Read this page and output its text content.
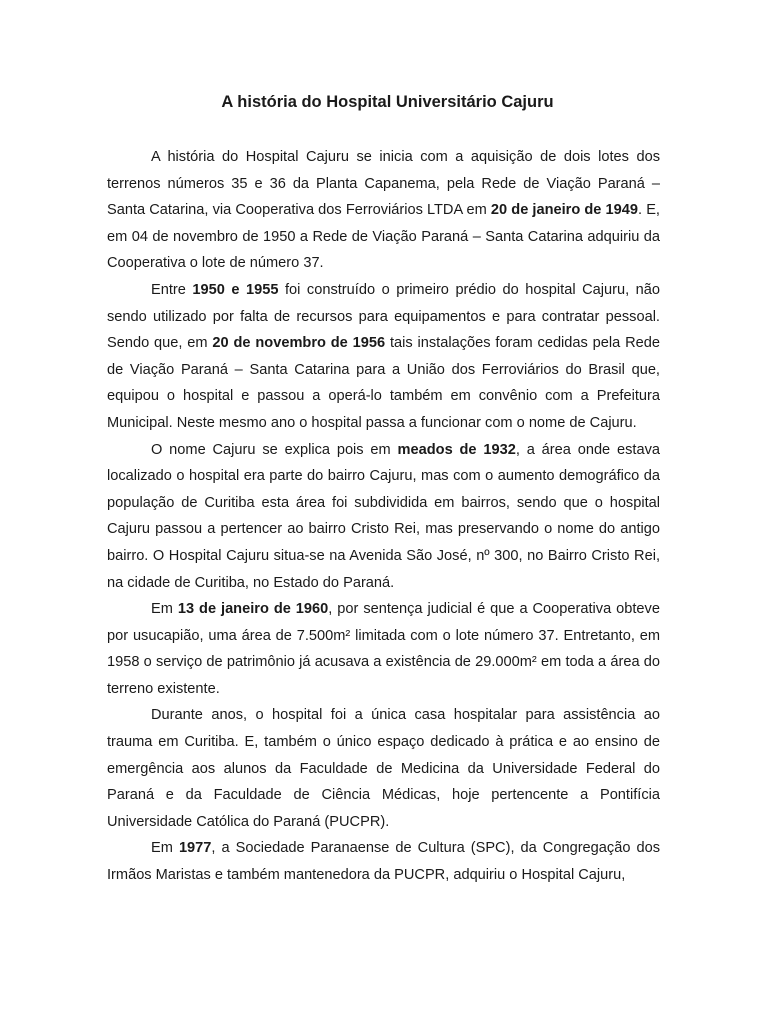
A história do Hospital Universitário Cajuru

A história do Hospital Cajuru se inicia com a aquisição de dois lotes dos terrenos números 35 e 36 da Planta Capanema, pela Rede de Viação Paraná – Santa Catarina, via Cooperativa dos Ferroviários LTDA em 20 de janeiro de 1949. E, em 04 de novembro de 1950 a Rede de Viação Paraná – Santa Catarina adquiriu da Cooperativa o lote de número 37.

Entre 1950 e 1955 foi construído o primeiro prédio do hospital Cajuru, não sendo utilizado por falta de recursos para equipamentos e para contratar pessoal. Sendo que, em 20 de novembro de 1956 tais instalações foram cedidas pela Rede de Viação Paraná – Santa Catarina para a União dos Ferroviários do Brasil que, equipou o hospital e passou a operá-lo também em convênio com a Prefeitura Municipal. Neste mesmo ano o hospital passa a funcionar com o nome de Cajuru.

O nome Cajuru se explica pois em meados de 1932, a área onde estava localizado o hospital era parte do bairro Cajuru, mas com o aumento demográfico da população de Curitiba esta área foi subdividida em bairros, sendo que o hospital Cajuru passou a pertencer ao bairro Cristo Rei, mas preservando o nome do antigo bairro. O Hospital Cajuru situa-se na Avenida São José, nº 300, no Bairro Cristo Rei, na cidade de Curitiba, no Estado do Paraná.

Em 13 de janeiro de 1960, por sentença judicial é que a Cooperativa obteve por usucapião, uma área de 7.500m² limitada com o lote número 37. Entretanto, em 1958 o serviço de patrimônio já acusava a existência de 29.000m² em toda a área do terreno existente.

Durante anos, o hospital foi a única casa hospitalar para assistência ao trauma em Curitiba. E, também o único espaço dedicado à prática e ao ensino de emergência aos alunos da Faculdade de Medicina da Universidade Federal do Paraná e da Faculdade de Ciência Médicas, hoje pertencente a Pontifícia Universidade Católica do Paraná (PUCPR).

Em 1977, a Sociedade Paranaense de Cultura (SPC), da Congregação dos Irmãos Maristas e também mantenedora da PUCPR, adquiriu o Hospital Cajuru,
